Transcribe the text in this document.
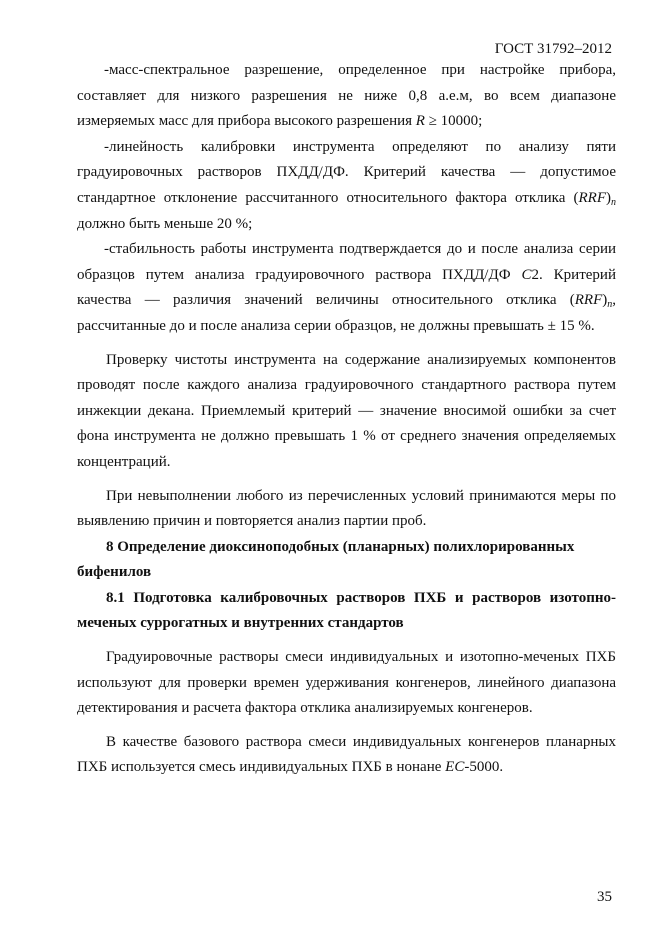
ГОСТ 31792–2012

-масс-спектральное разрешение, определенное при настройке прибора, составляет для низкого разрешения не ниже 0,8 а.е.м, во всем диапазоне измеряемых масс для прибора высокого разрешения R ≥ 10000;

-линейность калибровки инструмента определяют по анализу пяти градуировочных растворов ПХДД/ДФ. Критерий качества — допустимое стандартное отклонение рассчитанного относительного фактора отклика $(RRF)_n$ должно быть меньше 20 %;

-стабильность работы инструмента подтверждается до и после анализа серии образцов путем анализа градуировочного раствора ПХДД/ДФ C2. Критерий качества — различия значений величины относительного отклика $(RRF)_n$, рассчитанные до и после анализа серии образцов, не должны превышать ± 15 %.

Проверку чистоты инструмента на содержание анализируемых компонентов проводят после каждого анализа градуировочного стандартного раствора путем инжекции декана. Приемлемый критерий — значение вносимой ошибки за счет фона инструмента не должно превышать 1 % от среднего значения определяемых концентраций.

При невыполнении любого из перечисленных условий принимаются меры по выявлению причин и повторяется анализ партии проб.

8 Определение диоксиноподобных (планарных) полихлорированных бифенилов

8.1 Подготовка калибровочных растворов ПХБ и растворов изотопно-меченых суррогатных и внутренних стандартов

Градуировочные растворы смеси индивидуальных и изотопно-меченых ПХБ используют для проверки времен удерживания конгенеров, линейного диапазона детектирования и расчета фактора отклика анализируемых конгенеров.

В качестве базового раствора смеси индивидуальных конгенеров планарных ПХБ используется смесь индивидуальных ПХБ в нонане EC-5000.

35
